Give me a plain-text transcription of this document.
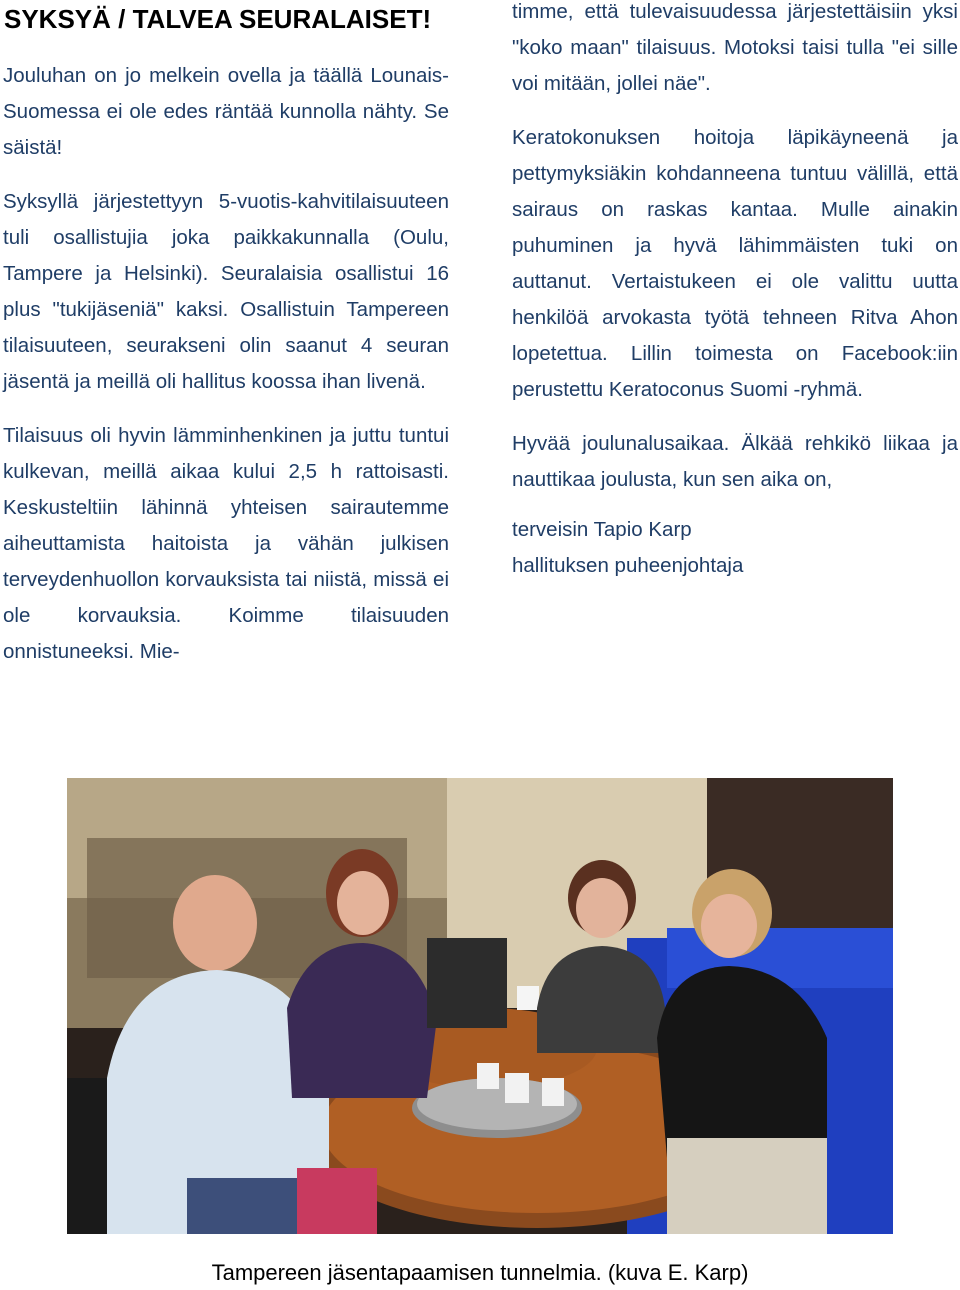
SYKSYÄ / TALVEA SEURALAISET!

Jouluhan on jo melkein ovella ja täällä Lounais-Suomessa ei ole edes räntää kunnolla nähty. Se säistä!

Syksyllä järjestettyyn 5-vuotis-kahvitilaisuuteen tuli osallistujia joka paikkakunnalla (Oulu, Tampere ja Helsinki). Seuralaisia osallistui 16 plus "tukijäseniä" kaksi. Osallistuin Tampereen tilaisuuteen, seurakseni olin saanut 4 seuran jäsentä ja meillä oli hallitus koossa ihan livenä.

Tilaisuus oli hyvin lämminhenkinen ja juttu tuntui kulkevan, meillä aikaa kului 2,5 h rattoisasti. Keskusteltiin lähinnä yhteisen sairautemme aiheuttamista haitoista ja vähän julkisen terveydenhuollon korvauksista tai niistä, missä ei ole korvauksia. Koimme tilaisuuden onnistuneeksi. Mie-

timme, että tulevaisuudessa järjestettäisiin yksi "koko maan" tilaisuus. Motoksi taisi tulla "ei sille voi mitään, jollei näe".

Keratokonuksen hoitoja läpikäyneenä ja pettymyksiäkin kohdanneena tuntuu välillä, että sairaus on raskas kantaa. Mulle ainakin puhuminen ja hyvä lähimmäisten tuki on auttanut. Vertaistukeen ei ole valittu uutta henkilöä arvokasta työtä tehneen Ritva Ahon lopetettua. Lillin toimesta on Facebook:iin perustettu Keratoconus Suomi -ryhmä.

Hyvää joulunalusaikaa. Älkää rehkikö liikaa ja nauttikaa joulusta, kun sen aika on,

terveisin Tapio Karp

hallituksen puheenjohtaja

Tampereen jäsentapaamisen tunnelmia. (kuva E. Karp)
